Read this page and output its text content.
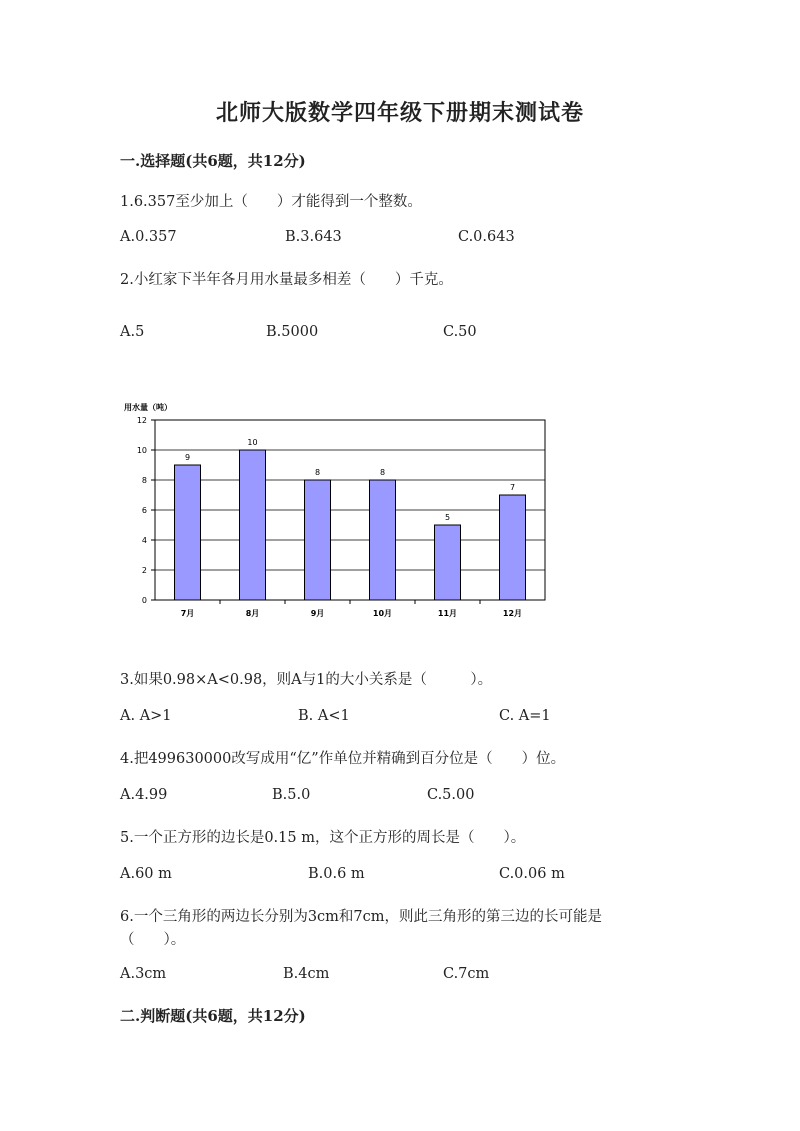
北师大版数学四年级下册期末测试卷
一.选择题(共6题，共12分)
1.6.357至少加上（　　）才能得到一个整数。
A.0.357	B.3.643	C.0.643
2.小红家下半年各月用水量最多相差（　　）千克。
A.5	B.5000	C.50
用水量（吨）
0
2
4
6
8
10
12
9
7月
10
8月
8
9月
8
10月
5
11月
7
12月
3.如果0.98×A<0.98，则A与1的大小关系是（　　　）。
A. A>1	B. A<1	C. A=1
4.把499630000改写成用“亿”作单位并精确到百分位是（　　）位。
A.4.99	B.5.0	C.5.00
5.一个正方形的边长是0.15 m，这个正方形的周长是（　　）。
A.60 m	B.0.6 m	C.0.06 m
6.一个三角形的两边长分别为3cm和7cm，则此三角形的第三边的长可能是
（　　）。
A.3cm	B.4cm	C.7cm
二.判断题(共6题，共12分)
